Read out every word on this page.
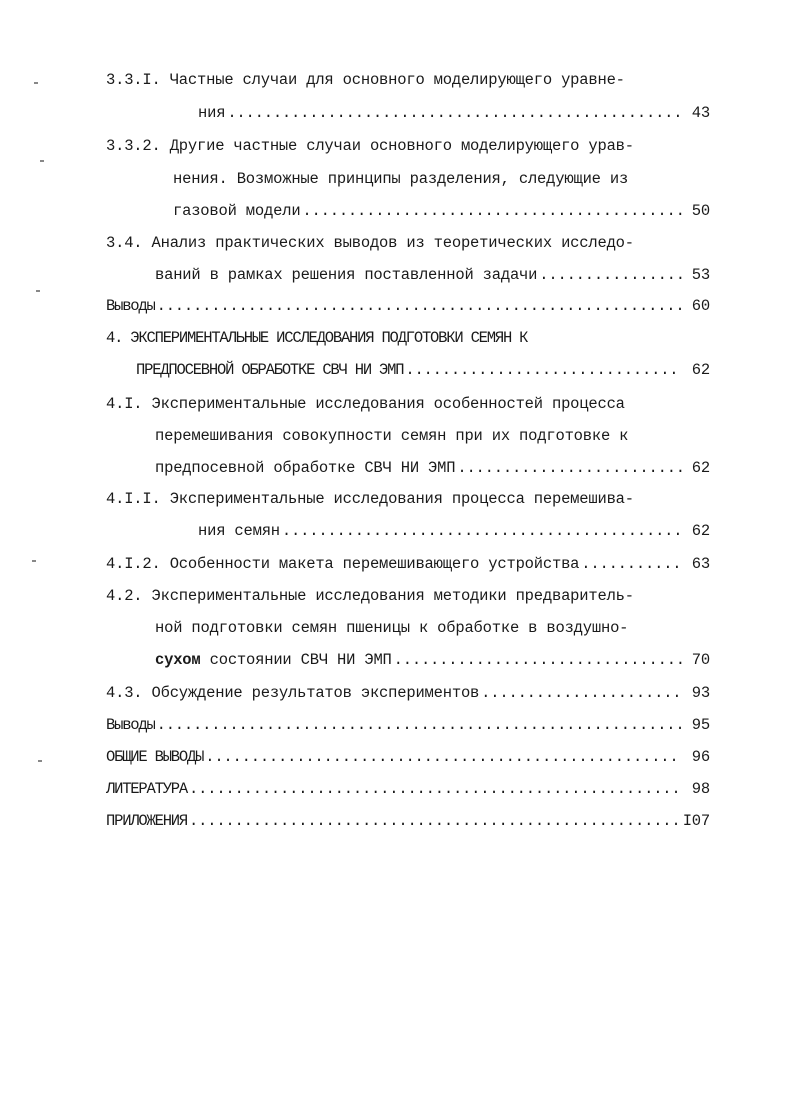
3.3.I. Частные случаи для основного моделирующего уравне-
ния .....	43
3.3.2. Другие частные случаи основного моделирующего урав-
нения. Возможные принципы разделения, следующие из
газовой модели .....	50
3.4. Анализ практических выводов из теоретических исследо-
ваний в рамках решения поставленной задачи .....	53
Выводы .....	60
4. ЭКСПЕРИМЕНТАЛЬНЫЕ ИССЛЕДОВАНИЯ ПОДГОТОВКИ СЕМЯН К
ПРЕДПОСЕВНОЙ ОБРАБОТКЕ СВЧ НИ ЭМП .....	62
4.I. Экспериментальные исследования особенностей процесса
перемешивания совокупности семян при их подготовке к
предпосевной обработке СВЧ НИ ЭМП .....	62
4.I.I. Экспериментальные исследования процесса перемешива-
ния семян .....	62
4.I.2. Особенности макета перемешивающего устройства .....	63
4.2. Экспериментальные исследования методики предваритель-
ной подготовки семян пшеницы к обработке в воздушно-
сухом состоянии СВЧ НИ ЭМП .....	70
4.3. Обсуждение результатов экспериментов .....	93
Выводы .....	95
ОБЩИЕ ВЫВОДЫ .....	96
ЛИТЕРАТУРА .....	98
ПРИЛОЖЕНИЯ .....	I07
